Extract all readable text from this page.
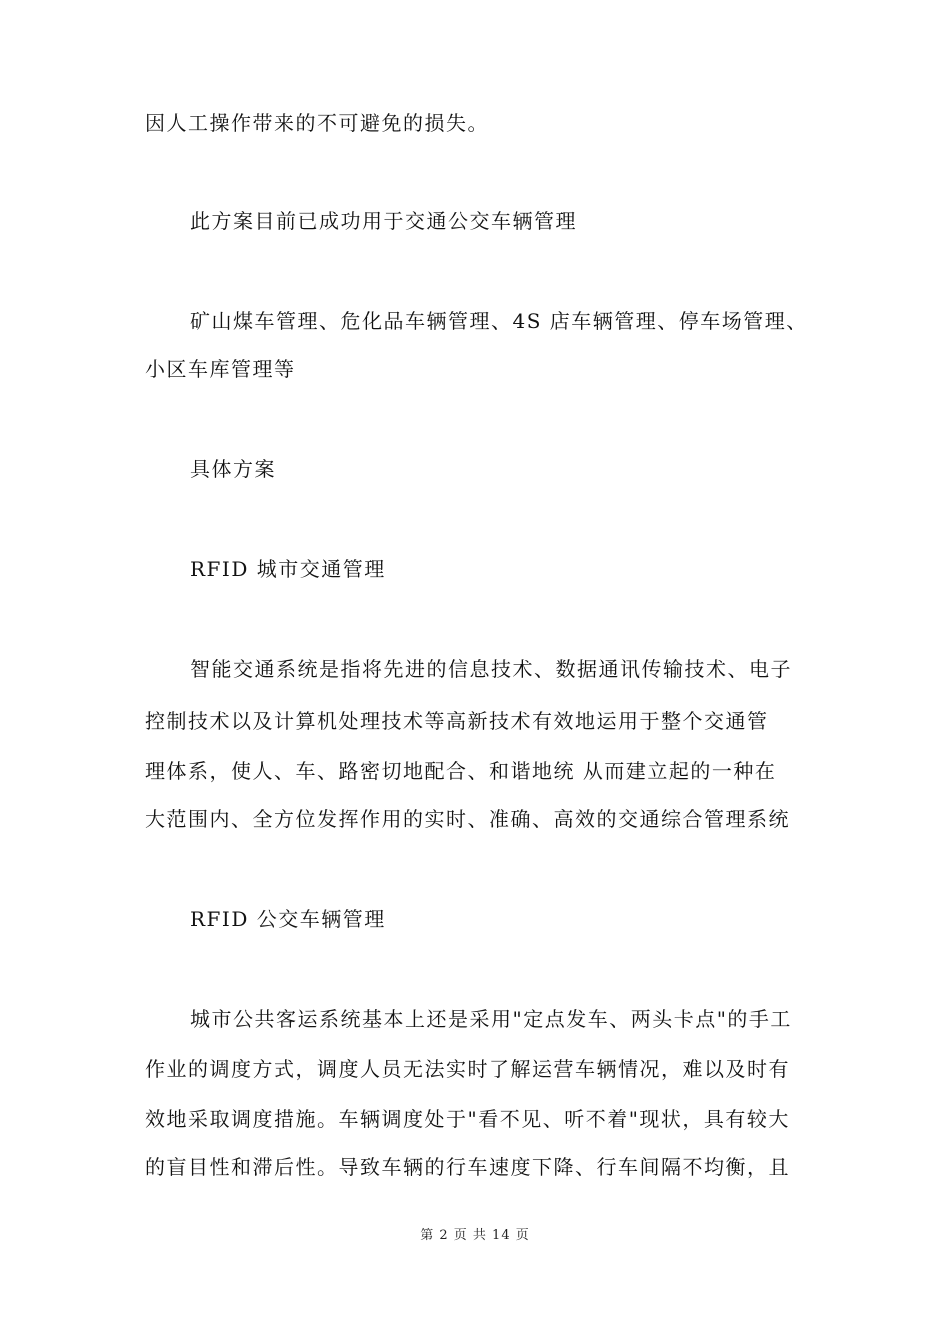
因人工操作带来的不可避免的损失。
此方案目前已成功用于交通公交车辆管理
矿山煤车管理、危化品车辆管理、4S 店车辆管理、停车场管理、
小区车库管理等
具体方案
RFID 城市交通管理
智能交通系统是指将先进的信息技术、数据通讯传输技术、电子
控制技术以及计算机处理技术等高新技术有效地运用于整个交通管
理体系，使人、车、路密切地配合、和谐地统 从而建立起的一种在
大范围内、全方位发挥作用的实时、准确、高效的交通综合管理系统
RFID 公交车辆管理
城市公共客运系统基本上还是采用"定点发车、两头卡点"的手工
作业的调度方式，调度人员无法实时了解运营车辆情况，难以及时有
效地采取调度措施。车辆调度处于"看不见、听不着"现状，具有较大
的盲目性和滞后性。导致车辆的行车速度下降、行车间隔不均衡，且
第 2 页 共 14 页
